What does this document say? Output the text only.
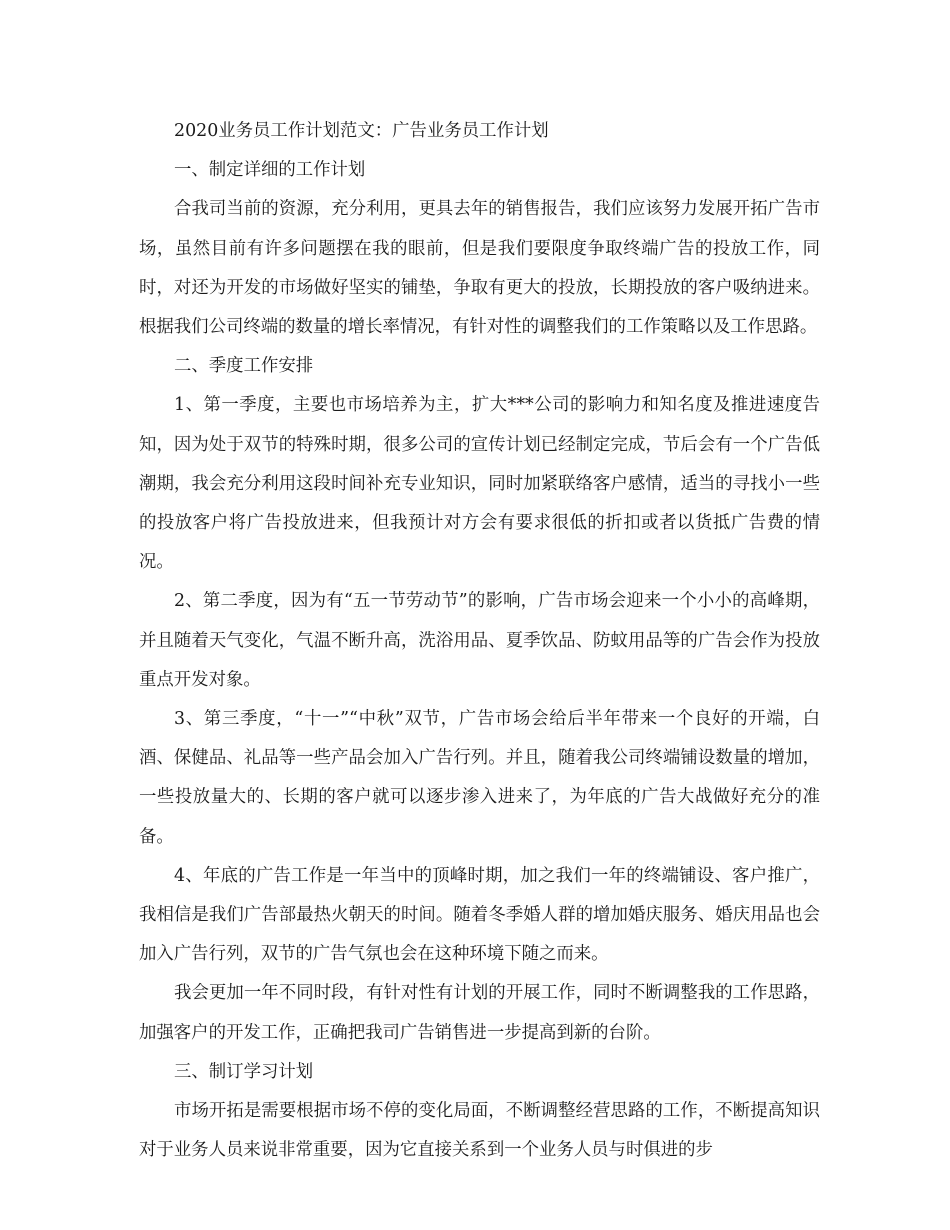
2020业务员工作计划范文：广告业务员工作计划

一、制定详细的工作计划

合我司当前的资源，充分利用，更具去年的销售报告，我们应该努力发展开拓广告市场，虽然目前有许多问题摆在我的眼前，但是我们要限度争取终端广告的投放工作，同时，对还为开发的市场做好坚实的铺垫，争取有更大的投放，长期投放的客户吸纳进来。根据我们公司终端的数量的增长率情况，有针对性的调整我们的工作策略以及工作思路。

二、季度工作安排

1、第一季度，主要也市场培养为主，扩大***公司的影响力和知名度及推进速度告知，因为处于双节的特殊时期，很多公司的宣传计划已经制定完成，节后会有一个广告低潮期，我会充分利用这段时间补充专业知识，同时加紧联络客户感情，适当的寻找小一些的投放客户将广告投放进来，但我预计对方会有要求很低的折扣或者以货抵广告费的情况。

2、第二季度，因为有“五一节劳动节”的影响，广告市场会迎来一个小小的高峰期，并且随着天气变化，气温不断升高，洗浴用品、夏季饮品、防蚊用品等的广告会作为投放重点开发对象。

3、第三季度，“十一”“中秋”双节，广告市场会给后半年带来一个良好的开端，白酒、保健品、礼品等一些产品会加入广告行列。并且，随着我公司终端铺设数量的增加，一些投放量大的、长期的客户就可以逐步渗入进来了，为年底的广告大战做好充分的准备。

4、年底的广告工作是一年当中的顶峰时期，加之我们一年的终端铺设、客户推广，我相信是我们广告部最热火朝天的时间。随着冬季婚人群的增加婚庆服务、婚庆用品也会加入广告行列，双节的广告气氛也会在这种环境下随之而来。

我会更加一年不同时段，有针对性有计划的开展工作，同时不断调整我的工作思路，加强客户的开发工作，正确把我司广告销售进一步提高到新的台阶。

三、制订学习计划

市场开拓是需要根据市场不停的变化局面，不断调整经营思路的工作，不断提高知识对于业务人员来说非常重要，因为它直接关系到一个业务人员与时俱进的步
